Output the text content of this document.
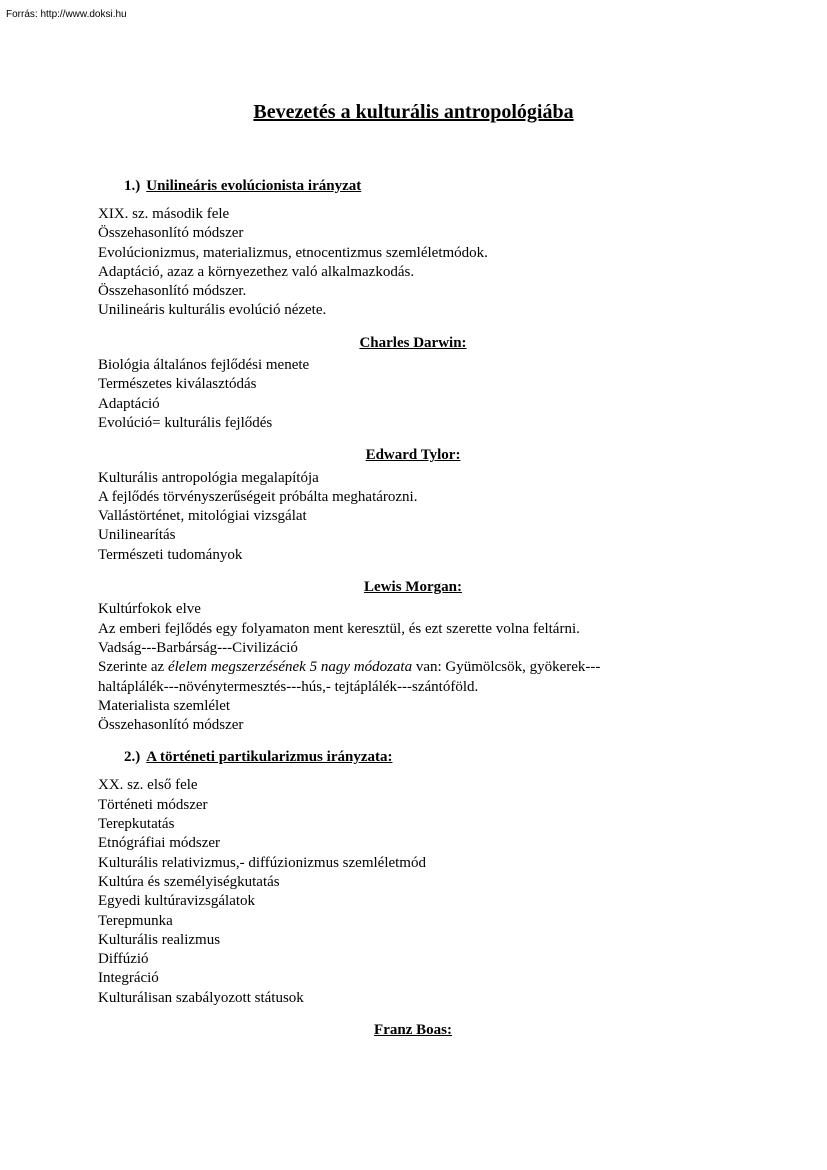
Forrás: http://www.doksi.hu
Bevezetés a kulturális antropológiába
1.) Unilineáris evolúcionista irányzat

XIX. sz. második fele

Összehasonlító módszer

Evolúcionizmus, materializmus, etnocentizmus szemléletmódok.

Adaptáció, azaz a környezethez való alkalmazkodás.

Összehasonlító módszer.

Unilineáris kulturális evolúció nézete.

Charles Darwin:

Biológia általános fejlődési menete

Természetes kiválasztódás

Adaptáció

Evolúció= kulturális fejlődés

Edward Tylor:

Kulturális antropológia megalapítója

A fejlődés törvényszerűségeit próbálta meghatározni.

Vallástörténet, mitológiai vizsgálat

Unilinearítás

Természeti tudományok

Lewis Morgan:

Kultúrfokok elve

Az emberi fejlődés egy folyamaton ment keresztül, és ezt szerette volna feltárni.

Vadság---Barbárság---Civilizáció

Szerinte az élelem megszerzésének 5 nagy módozata van: Gyümölcsök, gyökerek---

haltáplálék---növénytermesztés---hús,- tejtáplálék---szántóföld.

Materialista szemlélet

Összehasonlító módszer

2.) A történeti partikularizmus irányzata:

XX. sz. első fele

Történeti módszer

Terepkutatás

Etnógráfiai módszer

Kulturális relativizmus,- diffúzionizmus szemléletmód

Kultúra és személyiségkutatás

Egyedi kultúravizsgálatok

Terepmunka

Kulturális realizmus

Diffúzió

Integráció

Kulturálisan szabályozott státusok

Franz Boas:
